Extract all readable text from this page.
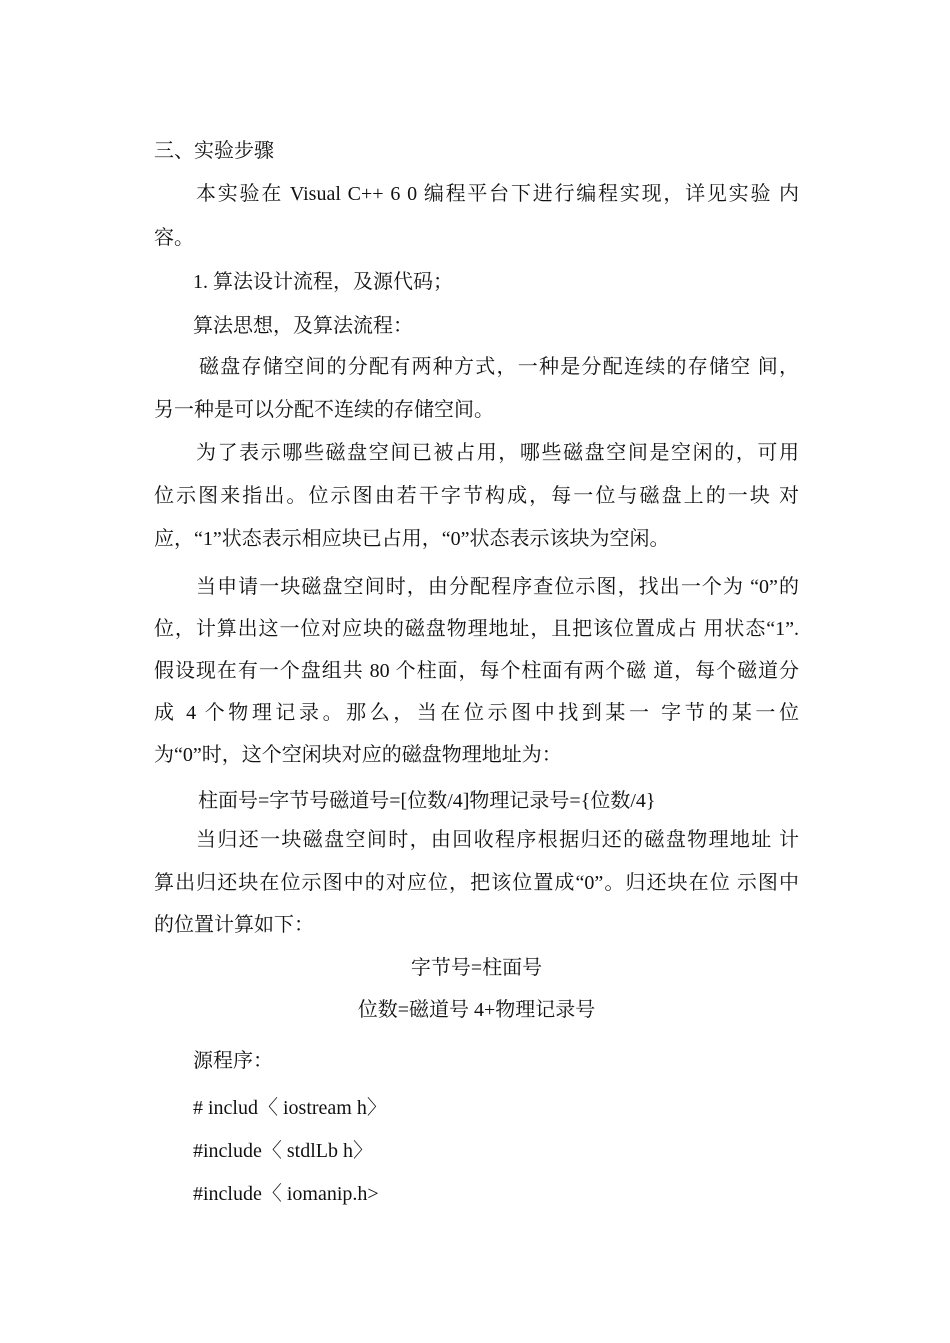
三、实验步骤
本实验在 Visual C++ 6 0 编程平台下进行编程实现，详见实验 内
容。
1. 算法设计流程，及源代码；
算法思想，及算法流程：
磁盘存储空间的分配有两种方式，一种是分配连续的存储空 间，
另一种是可以分配不连续的存储空间。
为了表示哪些磁盘空间已被占用，哪些磁盘空间是空闲的，可用
位示图来指出。位示图由若干字节构成，每一位与磁盘上的一块 对
应，“1”状态表示相应块已占用，“0”状态表示该块为空闲。
当申请一块磁盘空间时，由分配程序查位示图，找出一个为 “0”的
位，计算出这一位对应块的磁盘物理地址，且把该位置成占 用状态“1”.
假设现在有一个盘组共 80 个柱面，每个柱面有两个磁 道，每个磁道分
成 4 个物理记录。那么，当在位示图中找到某一 字节的某一位
为“0”时，这个空闲块对应的磁盘物理地址为：
柱面号=字节号磁道号=[位数/4]物理记录号={位数/4}
当归还一块磁盘空间时，由回收程序根据归还的磁盘物理地址 计
算出归还块在位示图中的对应位，把该位置成“0”。归还块在位 示图中
的位置计算如下：
字节号=柱面号
位数=磁道号 4+物理记录号
源程序：
# includ〈 iostream h〉
#include〈 stdlLb h〉
#include〈 iomanip.h>
